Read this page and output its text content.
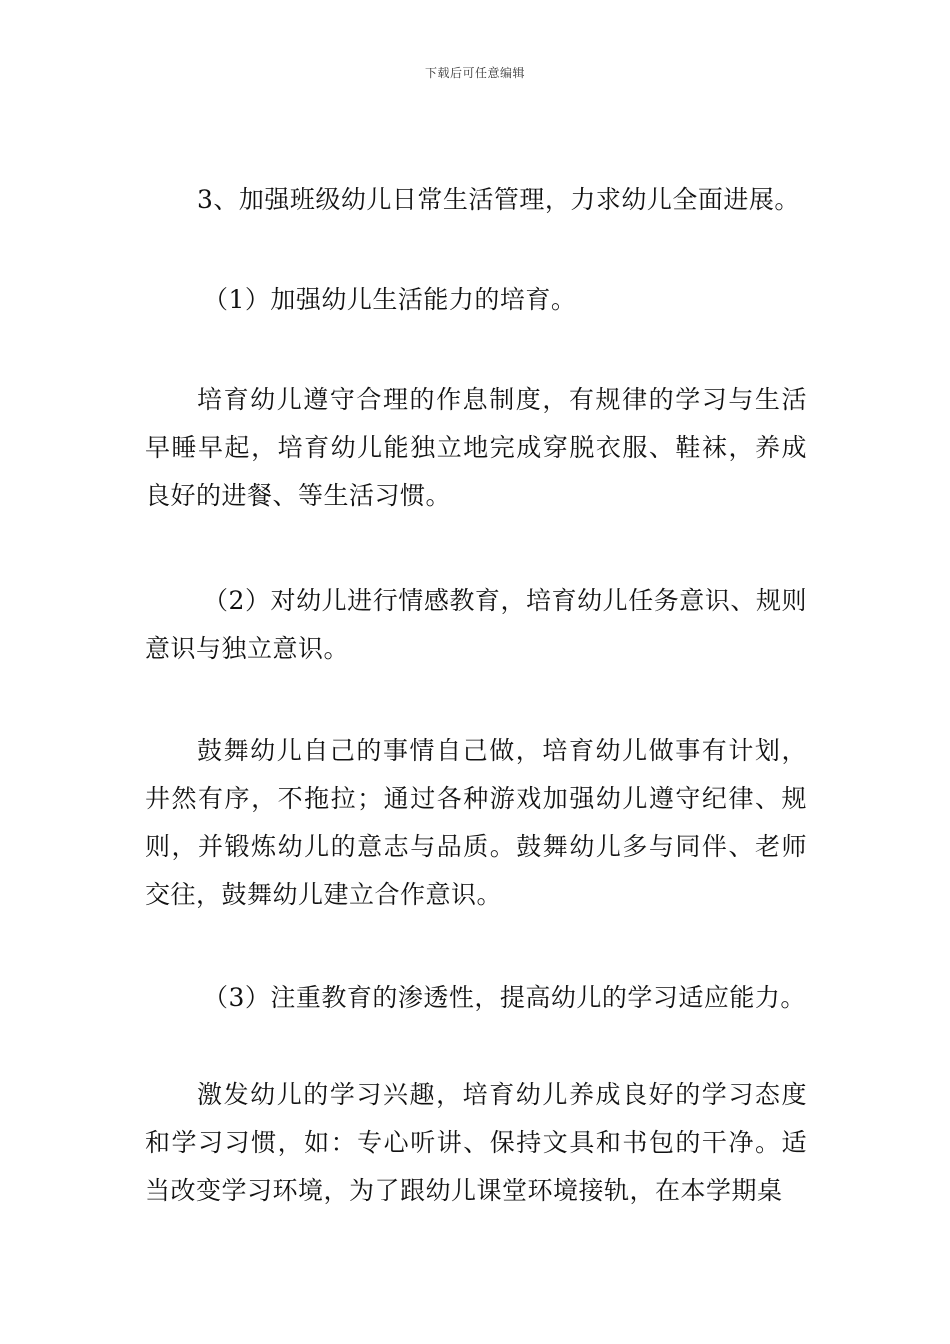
下载后可任意编辑

3、加强班级幼儿日常生活管理，力求幼儿全面进展。

（1）加强幼儿生活能力的培育。

培育幼儿遵守合理的作息制度，有规律的学习与生活早睡早起，培育幼儿能独立地完成穿脱衣服、鞋袜，养成良好的进餐、等生活习惯。

（2）对幼儿进行情感教育，培育幼儿任务意识、规则意识与独立意识。

鼓舞幼儿自己的事情自己做，培育幼儿做事有计划，井然有序，不拖拉；通过各种游戏加强幼儿遵守纪律、规则，并锻炼幼儿的意志与品质。鼓舞幼儿多与同伴、老师交往，鼓舞幼儿建立合作意识。

（3）注重教育的渗透性，提高幼儿的学习适应能力。

激发幼儿的学习兴趣，培育幼儿养成良好的学习态度和学习习惯，如：专心听讲、保持文具和书包的干净。适当改变学习环境，为了跟幼儿课堂环境接轨，在本学期桌
